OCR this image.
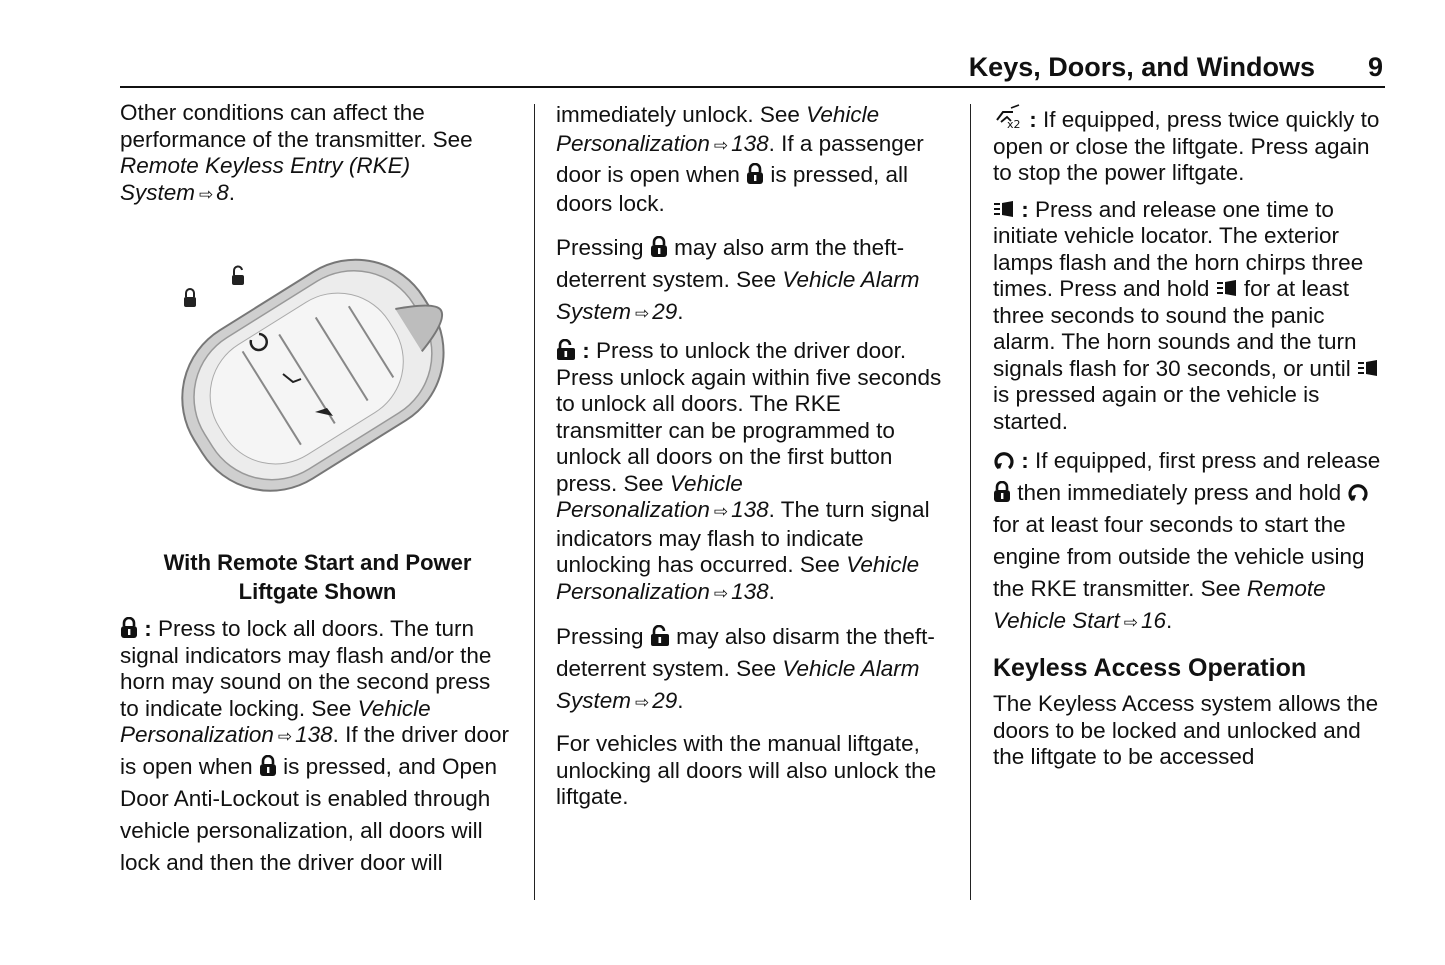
Keys, Doors, and Windows 9

Other conditions can affect the performance of the transmitter. See Remote Keyless Entry (RKE) System ⇨ 8.

With Remote Start and Power
Liftgate Shown

: Press to lock all doors. The turn signal indicators may flash and/or the horn may sound on the second press to indicate locking. See Vehicle Personalization ⇨ 138. If the driver door is open when is pressed, and Open Door Anti-Lockout is enabled through vehicle personalization, all doors will lock and then the driver door will

immediately unlock. See Vehicle Personalization ⇨ 138. If a passenger door is open when is pressed, all doors lock.

Pressing may also arm the theft-deterrent system. See Vehicle Alarm System ⇨ 29.

: Press to unlock the driver door. Press unlock again within five seconds to unlock all doors. The RKE transmitter can be programmed to unlock all doors on the first button press. See Vehicle Personalization ⇨ 138. The turn signal indicators may flash to indicate unlocking has occurred. See Vehicle Personalization ⇨ 138.

Pressing may also disarm the theft-deterrent system. See Vehicle Alarm System ⇨ 29.

For vehicles with the manual liftgate, unlocking all doors will also unlock the liftgate.

x2 : If equipped, press twice quickly to open or close the liftgate. Press again to stop the power liftgate.

: Press and release one time to initiate vehicle locator. The exterior lamps flash and the horn chirps three times. Press and hold for at least three seconds to sound the panic alarm. The horn sounds and the turn signals flash for 30 seconds, or until
is pressed again or the vehicle is started.

: If equipped, first press and release
then immediately press and hold
for at least four seconds to start the engine from outside the vehicle using the RKE transmitter. See Remote Vehicle Start ⇨ 16.

Keyless Access Operation

The Keyless Access system allows the doors to be locked and unlocked and the liftgate to be accessed
